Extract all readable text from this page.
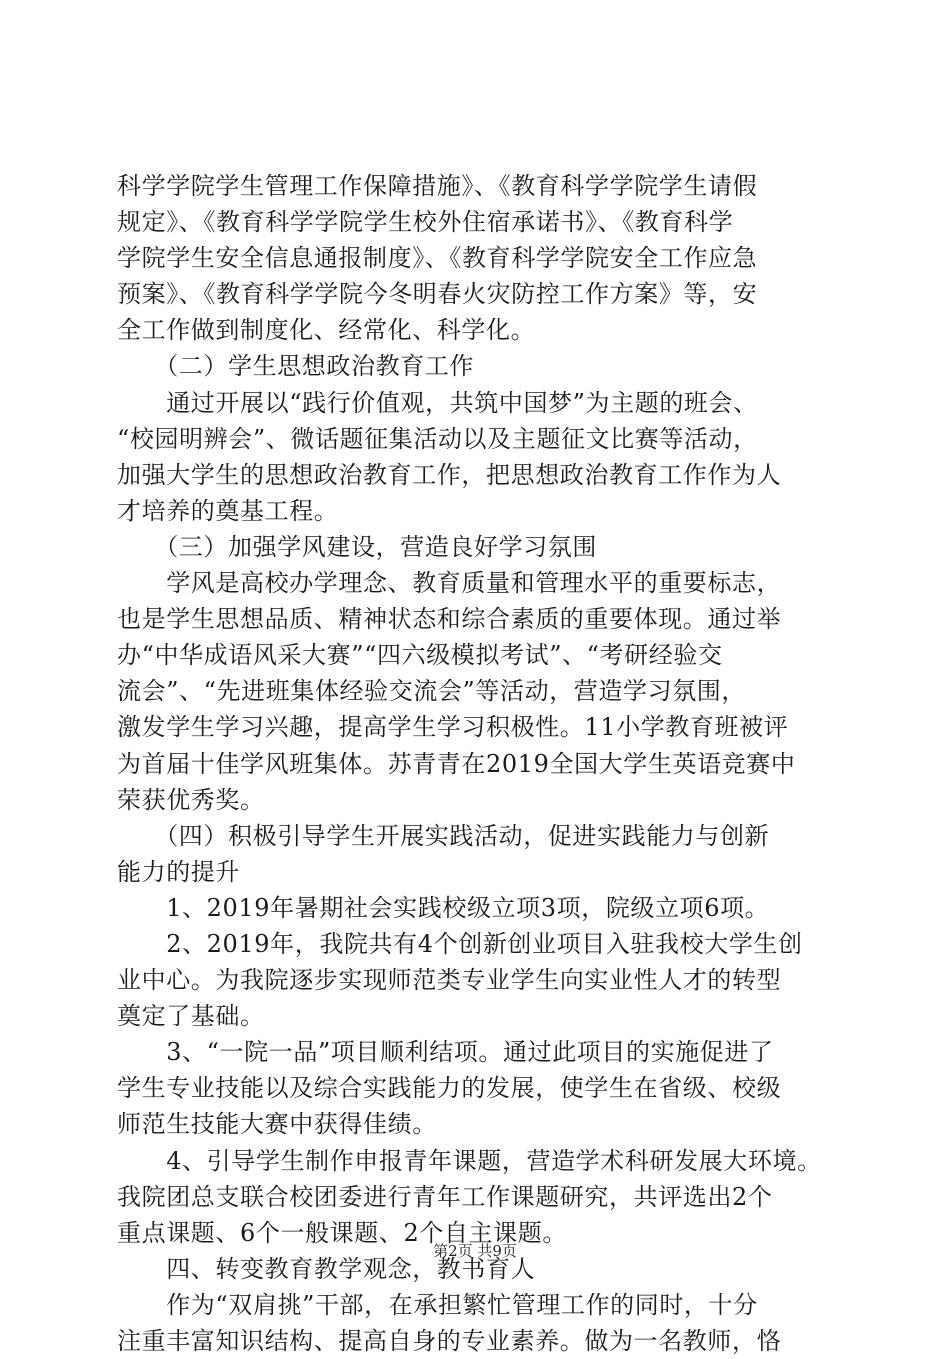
科学学院学生管理工作保障措施》、《教育科学学院学生请假
规定》、《教育科学学院学生校外住宿承诺书》、《教育科学
学院学生安全信息通报制度》、《教育科学学院安全工作应急
预案》、《教育科学学院今冬明春火灾防控工作方案》等，安
全工作做到制度化、经常化、科学化。
　　（二）学生思想政治教育工作
　　通过开展以“践行价值观，共筑中国梦”为主题的班会、
“校园明辨会”、微话题征集活动以及主题征文比赛等活动，
加强大学生的思想政治教育工作，把思想政治教育工作作为人
才培养的奠基工程。
　　（三）加强学风建设，营造良好学习氛围
　　学风是高校办学理念、教育质量和管理水平的重要标志，
也是学生思想品质、精神状态和综合素质的重要体现。通过举
办“中华成语风采大赛”“四六级模拟考试”、“考研经验交
流会”、“先进班集体经验交流会”等活动，营造学习氛围，
激发学生学习兴趣，提高学生学习积极性。11小学教育班被评
为首届十佳学风班集体。苏青青在2019全国大学生英语竞赛中
荣获优秀奖。
　　（四）积极引导学生开展实践活动，促进实践能力与创新
能力的提升
　　1、2019年暑期社会实践校级立项3项，院级立项6项。
　　2、2019年，我院共有4个创新创业项目入驻我校大学生创
业中心。为我院逐步实现师范类专业学生向实业性人才的转型
奠定了基础。
　　3、“一院一品”项目顺利结项。通过此项目的实施促进了
学生专业技能以及综合实践能力的发展，使学生在省级、校级
师范生技能大赛中获得佳绩。
　　4、引导学生制作申报青年课题，营造学术科研发展大环境。
我院团总支联合校团委进行青年工作课题研究，共评选出2个
重点课题、6个一般课题、2个自主课题。
　　四、转变教育教学观念，教书育人
　　作为“双肩挑”干部，在承担繁忙管理工作的同时，十分
注重丰富知识结构、提高自身的专业素养。做为一名教师，恪
第2页 共9页
